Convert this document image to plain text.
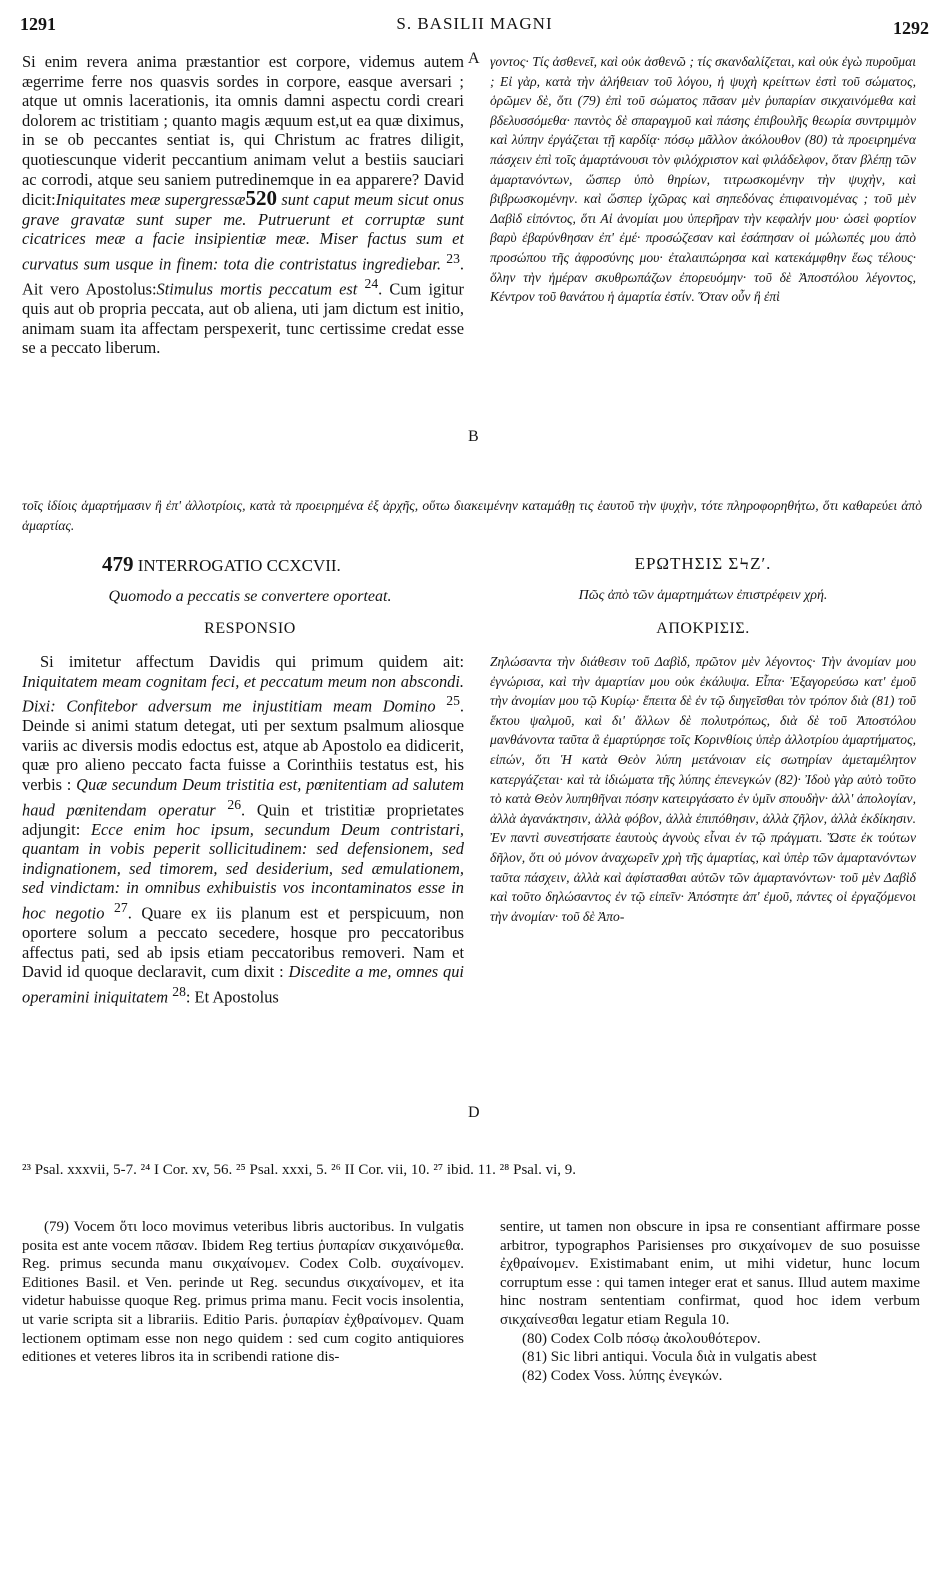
1291	S. BASILII MAGNI	1292
A
B
D

Si enim revera anima præstantior est corpore, videmus autem ægerrime ferre nos quasvis sordes in corpore, easque aversari ; atque ut omnis lacerationis, ita omnis damni aspectu cordi creari dolorem ac tristitiam ; quanto magis æquum est,ut ea quæ diximus, in se ob peccantes sentiat is, qui Christum ac fratres diligit, quotiescunque viderit peccantium animam velut a bestiis sauciari ac corrodi, atque seu saniem putredinemque in ea apparere? David dicit:Iniquitates meæ supergressæ520 sunt caput meum sicut onus grave gravatæ sunt super me. Putruerunt et corruptæ sunt cicatrices meæ a facie insipientiæ meæ. Miser factus sum et curvatus sum usque in finem: tota die contristatus ingrediebar. $^{23}$. Ait vero Apostolus:Stimulus mortis peccatum est $^{24}$. Cum igitur quis aut ob propria peccata, aut ob aliena, uti jam dictum est initio, animam suam ita affectam perspexerit, tunc certissime credat esse se a peccato liberum.

γοντος· Τίς ἀσθενεῖ, καὶ οὐκ ἀσθενῶ ; τίς σκανδαλίζεται, καὶ οὐκ ἐγὼ πυροῦμαι ; Εἰ γὰρ, κατὰ τὴν ἀλήθειαν τοῦ λόγου, ἡ ψυχὴ κρείττων ἐστὶ τοῦ σώματος, ὁρῶμεν δὲ, ὅτι (79) ἐπὶ τοῦ σώματος πᾶσαν μὲν ῥυπαρίαν σικχαινόμεθα καὶ βδελυσσόμεθα· παντὸς δὲ σπαραγμοῦ καὶ πάσης ἐπιβουλῆς θεωρία συντριμμὸν καὶ λύπην ἐργάζεται τῇ καρδίᾳ· πόσῳ μᾶλλον ἀκόλουθον (80) τὰ προειρημένα πάσχειν ἐπὶ τοῖς ἁμαρτάνουσι τὸν φιλόχριστον καὶ φιλάδελφον, ὅταν βλέπῃ τῶν ἁμαρτανόντων, ὥσπερ ὑπὸ θηρίων, τιτρωσκομένην τὴν ψυχὴν, καὶ βιβρωσκομένην. καὶ ὥσπερ ἰχῶρας καὶ σηπεδόνας ἐπιφαινομένας ; τοῦ μὲν Δαβὶδ εἰπόντος, ὅτι Αἱ ἀνομίαι μου ὑπερῆραν τὴν κεφαλήν μου· ὡσεὶ φορτίον βαρὺ ἐβαρύνθησαν ἐπ' ἐμέ· προσώζεσαν καὶ ἐσάπησαν οἱ μώλωπές μου ἀπὸ προσώπου τῆς ἀφροσύνης μου· ἐταλαιπώρησα καὶ κατεκάμφθην ἕως τέλους· ὅλην τὴν ἡμέραν σκυθρωπάζων ἐπορευόμην· τοῦ δὲ Ἀποστόλου λέγοντος, Κέντρον τοῦ θανάτου ἡ ἁμαρτία ἐστίν. Ὅταν οὖν ἢ ἐπὶ

τοῖς ἰδίοις ἁμαρτήμασιν ἢ ἐπ' ἀλλοτρίοις, κατὰ τὰ προειρημένα ἐξ ἀρχῆς, οὕτω διακειμένην καταμάθῃ τις ἑαυτοῦ τὴν ψυχὴν, τότε πληροφορηθήτω, ὅτι καθαρεύει ἀπὸ ἁμαρτίας.
479 INTERROGATIO CCXCVII.
Quomodo a peccatis se convertere oporteat.
RESPONSIO
ΕΡΩΤΗΣΙΣ ΣϞΖʹ.
Πῶς ἀπὸ τῶν ἁμαρτημάτων ἐπιστρέφειν χρή.
ΑΠΟΚΡΙΣΙΣ.

Si imitetur affectum Davidis qui primum quidem ait: Iniquitatem meam cognitam feci, et peccatum meum non abscondi. Dixi: Confitebor adversum me injustitiam meam Domino $^{25}$. Deinde si animi statum detegat, uti per sextum psalmum aliosque variis ac diversis modis edoctus est, atque ab Apostolo ea didicerit, quæ pro alieno peccato facta fuisse a Corinthiis testatus est, his verbis : Quæ secundum Deum tristitia est, pœnitentiam ad salutem haud pœnitendam operatur $^{26}$. Quin et tristitiæ proprietates adjungit: Ecce enim hoc ipsum, secundum Deum contristari, quantam in vobis peperit sollicitudinem: sed defensionem, sed indignationem, sed timorem, sed desiderium, sed æmulationem, sed vindictam: in omnibus exhibuistis vos incontaminatos esse in hoc negotio $^{27}$. Quare ex iis planum est et perspicuum, non oportere solum a peccato secedere, hosque pro peccatoribus affectus pati, sed ab ipsis etiam peccatoribus removeri. Nam et David id quoque declaravit, cum dixit : Discedite a me, omnes qui operamini iniquitatem $^{28}$: Et Apostolus

Ζηλώσαντα τὴν διάθεσιν τοῦ Δαβὶδ, πρῶτον μὲν λέγοντος· Τὴν ἀνομίαν μου ἐγνώρισα, καὶ τὴν ἁμαρτίαν μου οὐκ ἐκάλυψα. Εἶπα· Ἐξαγορεύσω κατ' ἐμοῦ τὴν ἀνομίαν μου τῷ Κυρίῳ· ἔπειτα δὲ ἐν τῷ διηγεῖσθαι τὸν τρόπον διὰ (81) τοῦ ἕκτου ψαλμοῦ, καὶ δι' ἄλλων δὲ πολυτρόπως, διὰ δὲ τοῦ Ἀποστόλου μανθάνοντα ταῦτα ἃ ἐμαρτύρησε τοῖς Κορινθίοις ὑπὲρ ἀλλοτρίου ἁμαρτήματος, εἰπών, ὅτι Ἡ κατὰ Θεὸν λύπη μετάνοιαν εἰς σωτηρίαν ἀμεταμέλητον κατεργάζεται· καὶ τὰ ἰδιώματα τῆς λύπης ἐπενεγκών (82)· Ἰδοὺ γὰρ αὐτὸ τοῦτο τὸ κατὰ Θεὸν λυπηθῆναι πόσην κατειργάσατο ἐν ὑμῖν σπουδὴν· ἀλλ' ἀπολογίαν, ἀλλὰ ἀγανάκτησιν, ἀλλὰ φόβον, ἀλλὰ ἐπιπόθησιν, ἀλλὰ ζῆλον, ἀλλὰ ἐκδίκησιν. Ἐν παντὶ συνεστήσατε ἑαυτοὺς ἁγνοὺς εἶναι ἐν τῷ πράγματι. Ὥστε ἐκ τούτων δῆλον, ὅτι οὐ μόνον ἀναχωρεῖν χρὴ τῆς ἁμαρτίας, καὶ ὑπὲρ τῶν ἁμαρτανόντων ταῦτα πάσχειν, ἀλλὰ καὶ ἀφίστασθαι αὐτῶν τῶν ἁμαρτανόντων· τοῦ μὲν Δαβὶδ καὶ τοῦτο δηλώσαντος ἐν τῷ εἰπεῖν· Ἀπόστητε ἀπ' ἐμοῦ, πάντες οἱ ἐργαζόμενοι τὴν ἀνομίαν· τοῦ δὲ Ἀπο-

²³ Psal. xxxvii, 5-7. ²⁴ I Cor. xv, 56. ²⁵ Psal. xxxi, 5. ²⁶ II Cor. vii, 10. ²⁷ ibid. 11. ²⁸ Psal. vi, 9.

(79) Vocem ὅτι loco movimus veteribus libris auctoribus. In vulgatis posita est ante vocem πᾶσαν. Ibidem Reg tertius ῥυπαρίαν σικχαινόμεθα. Reg. primus secunda manu σικχαίνομεν. Codex Colb. συχαίνομεν. Editiones Basil. et Ven. perinde ut Reg. secundus σικχαίνομεν, et ita videtur habuisse quoque Reg. primus prima manu. Fecit vocis insolentia, ut varie scripta sit a librariis. Editio Paris. ῥυπαρίαν ἐχθραίνομεν. Quam lectionem optimam esse non nego quidem : sed cum cogito antiquiores editiones et veteres libros ita in scribendi ratione dis-

sentire, ut tamen non obscure in ipsa re consentiant affirmare posse arbitror, typographos Parisienses pro σικχαίνομεν de suo posuisse ἐχθραίνομεν. Existimabant enim, ut mihi videtur, hunc locum corruptum esse : qui tamen integer erat et sanus. Illud autem maxime hinc nostram sententiam confirmat, quod hoc idem verbum σικχαίνεσθαι legatur etiam Regula 10.

(80) Codex Colb πόσῳ ἀκολουθότερον.

(81) Sic libri antiqui. Vocula διὰ in vulgatis abest

(82) Codex Voss. λύπης ἐνεγκών.
